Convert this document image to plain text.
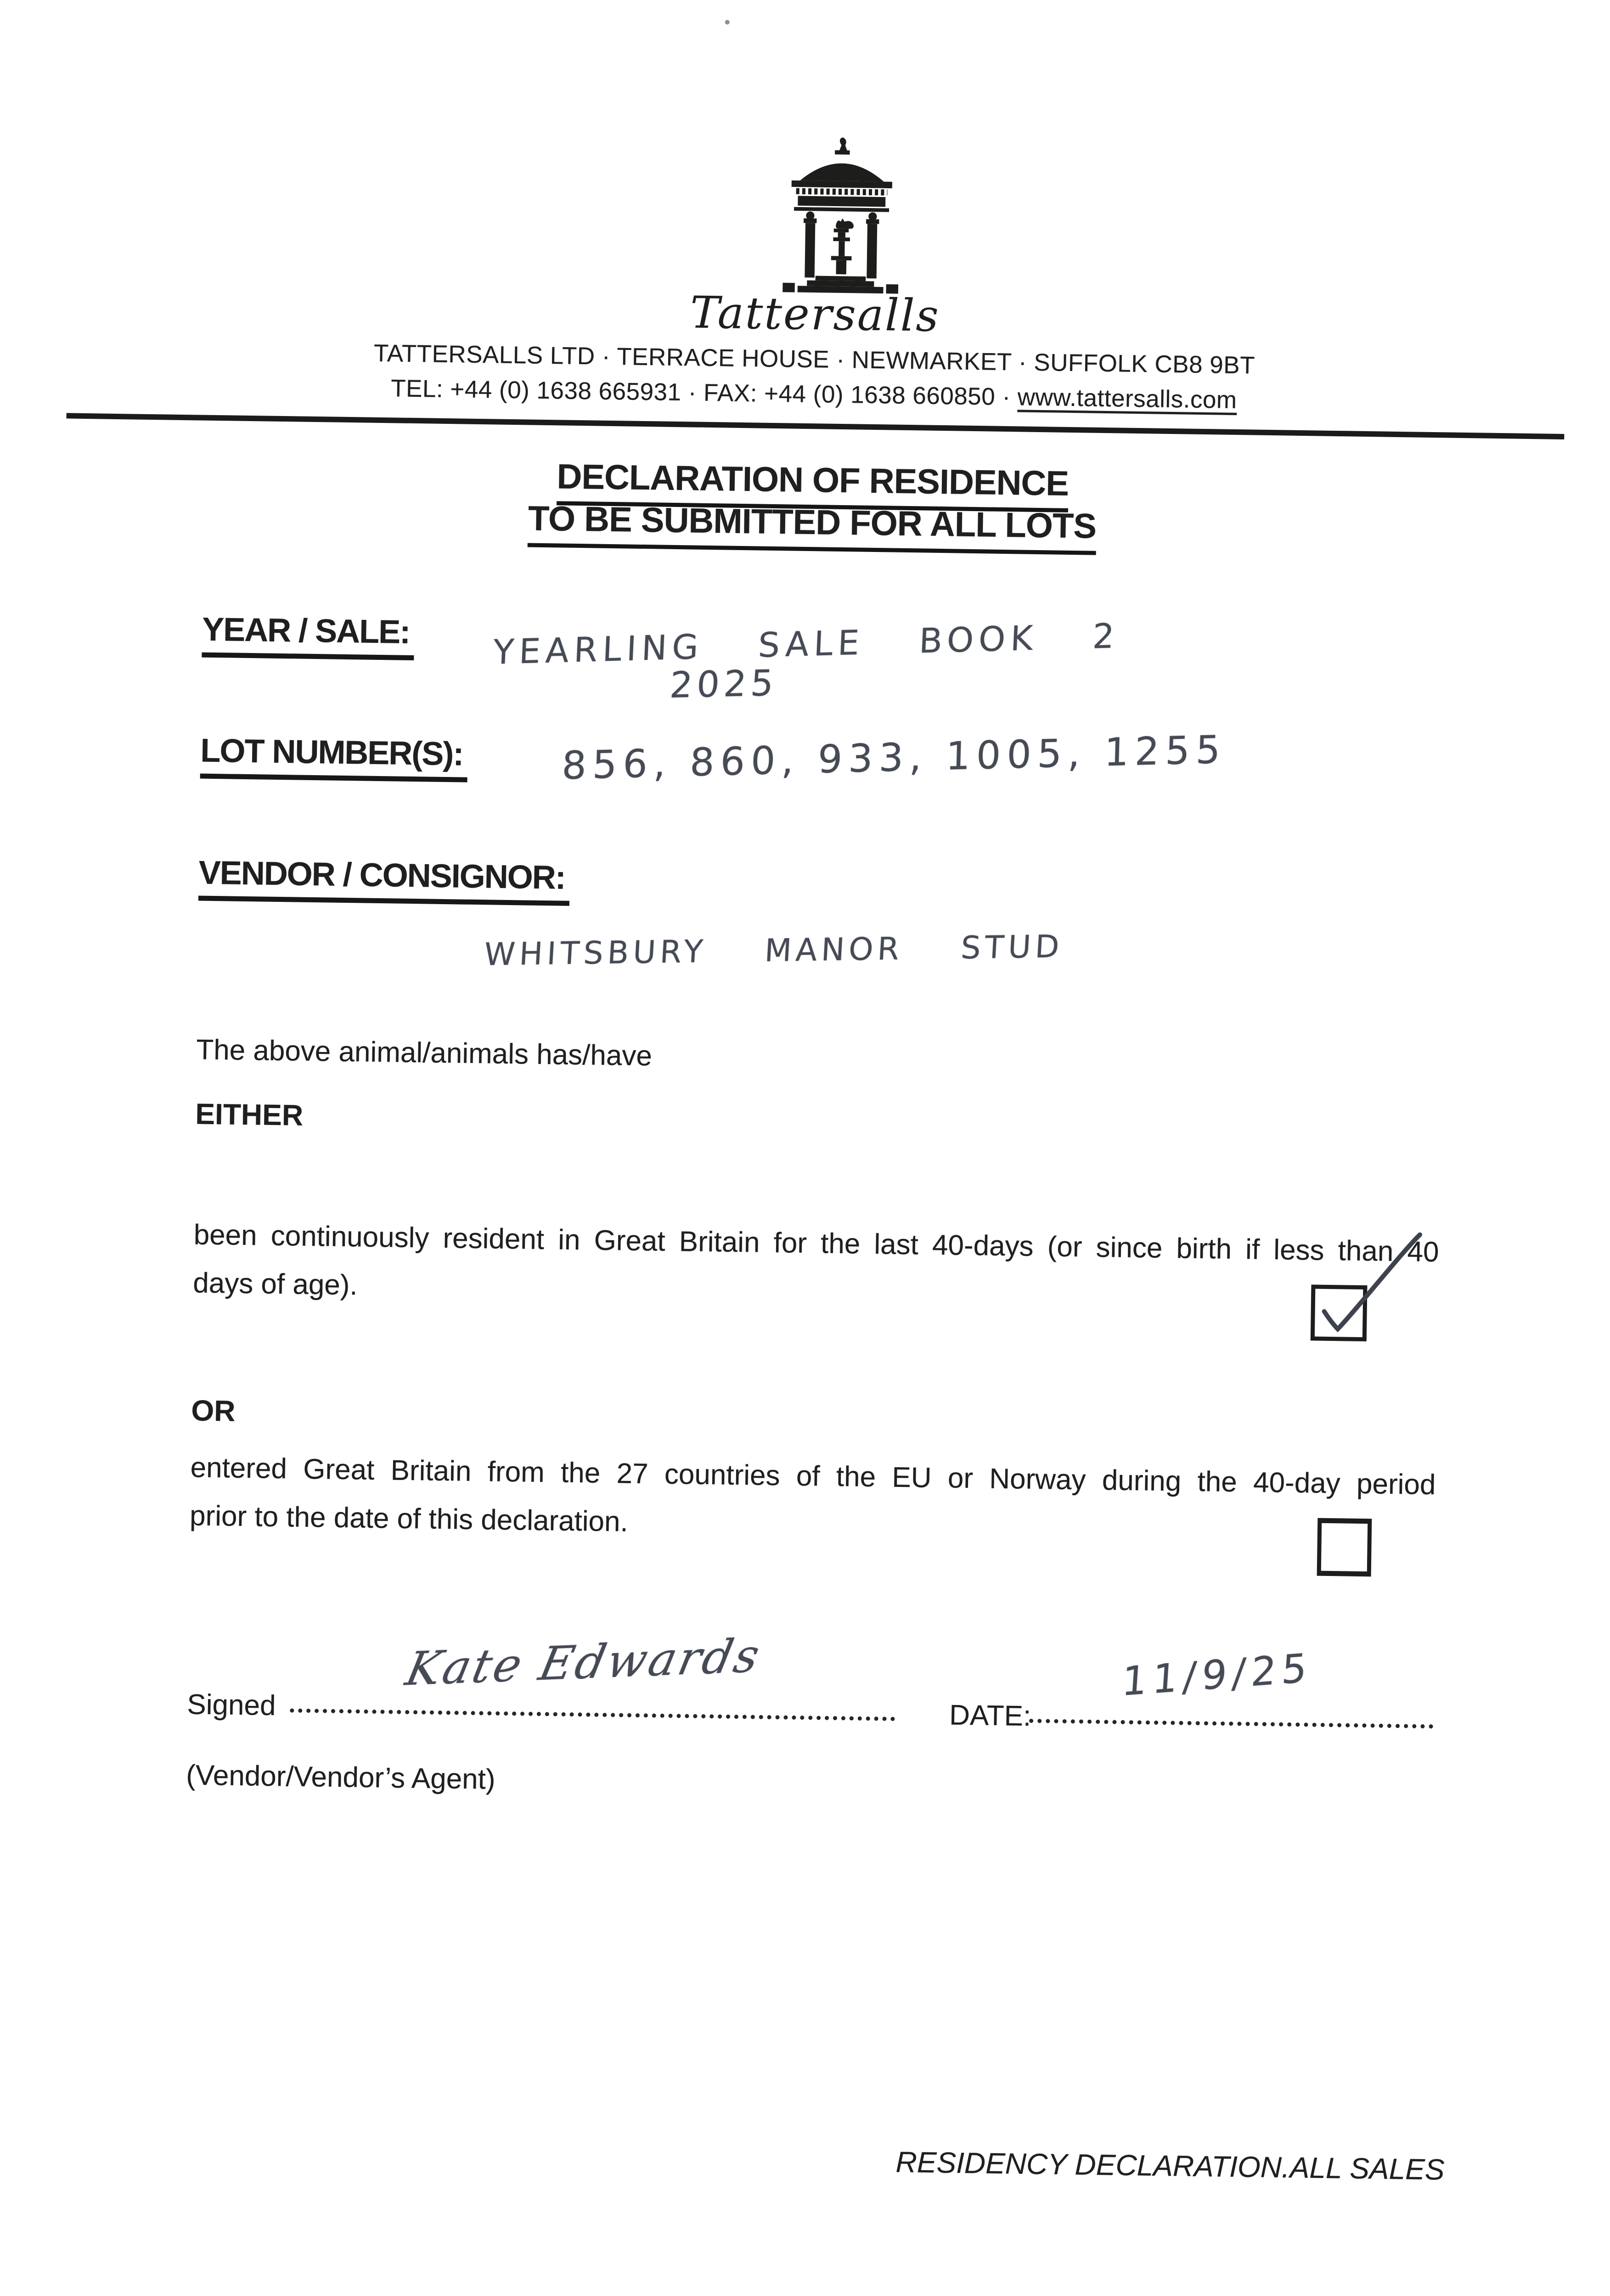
Tattersalls
TATTERSALLS LTD · TERRACE HOUSE · NEWMARKET · SUFFOLK CB8 9BT
TEL: +44 (0) 1638 665931 · FAX: +44 (0) 1638 660850 · www.tattersalls.com
DECLARATION OF RESIDENCE
TO BE SUBMITTED FOR ALL LOTS
YEAR / SALE: YEARLING SALE BOOK 2
2025
LOT NUMBER(S):	856, 860, 933, 1005, 1255
VENDOR / CONSIGNOR:
WHITSBURY MANOR STUD
The above animal/animals has/have
EITHER
been continuously resident in Great Britain for the last 40-days (or since birth if less than 40
days of age).
OR
entered Great Britain from the 27 countries of the EU or Norway during the 40-day period
prior to the date of this declaration.
Signed
Kate Edwards
DATE:
11/9/25
(Vendor/Vendor’s Agent)
RESIDENCY DECLARATION.ALL SALES
